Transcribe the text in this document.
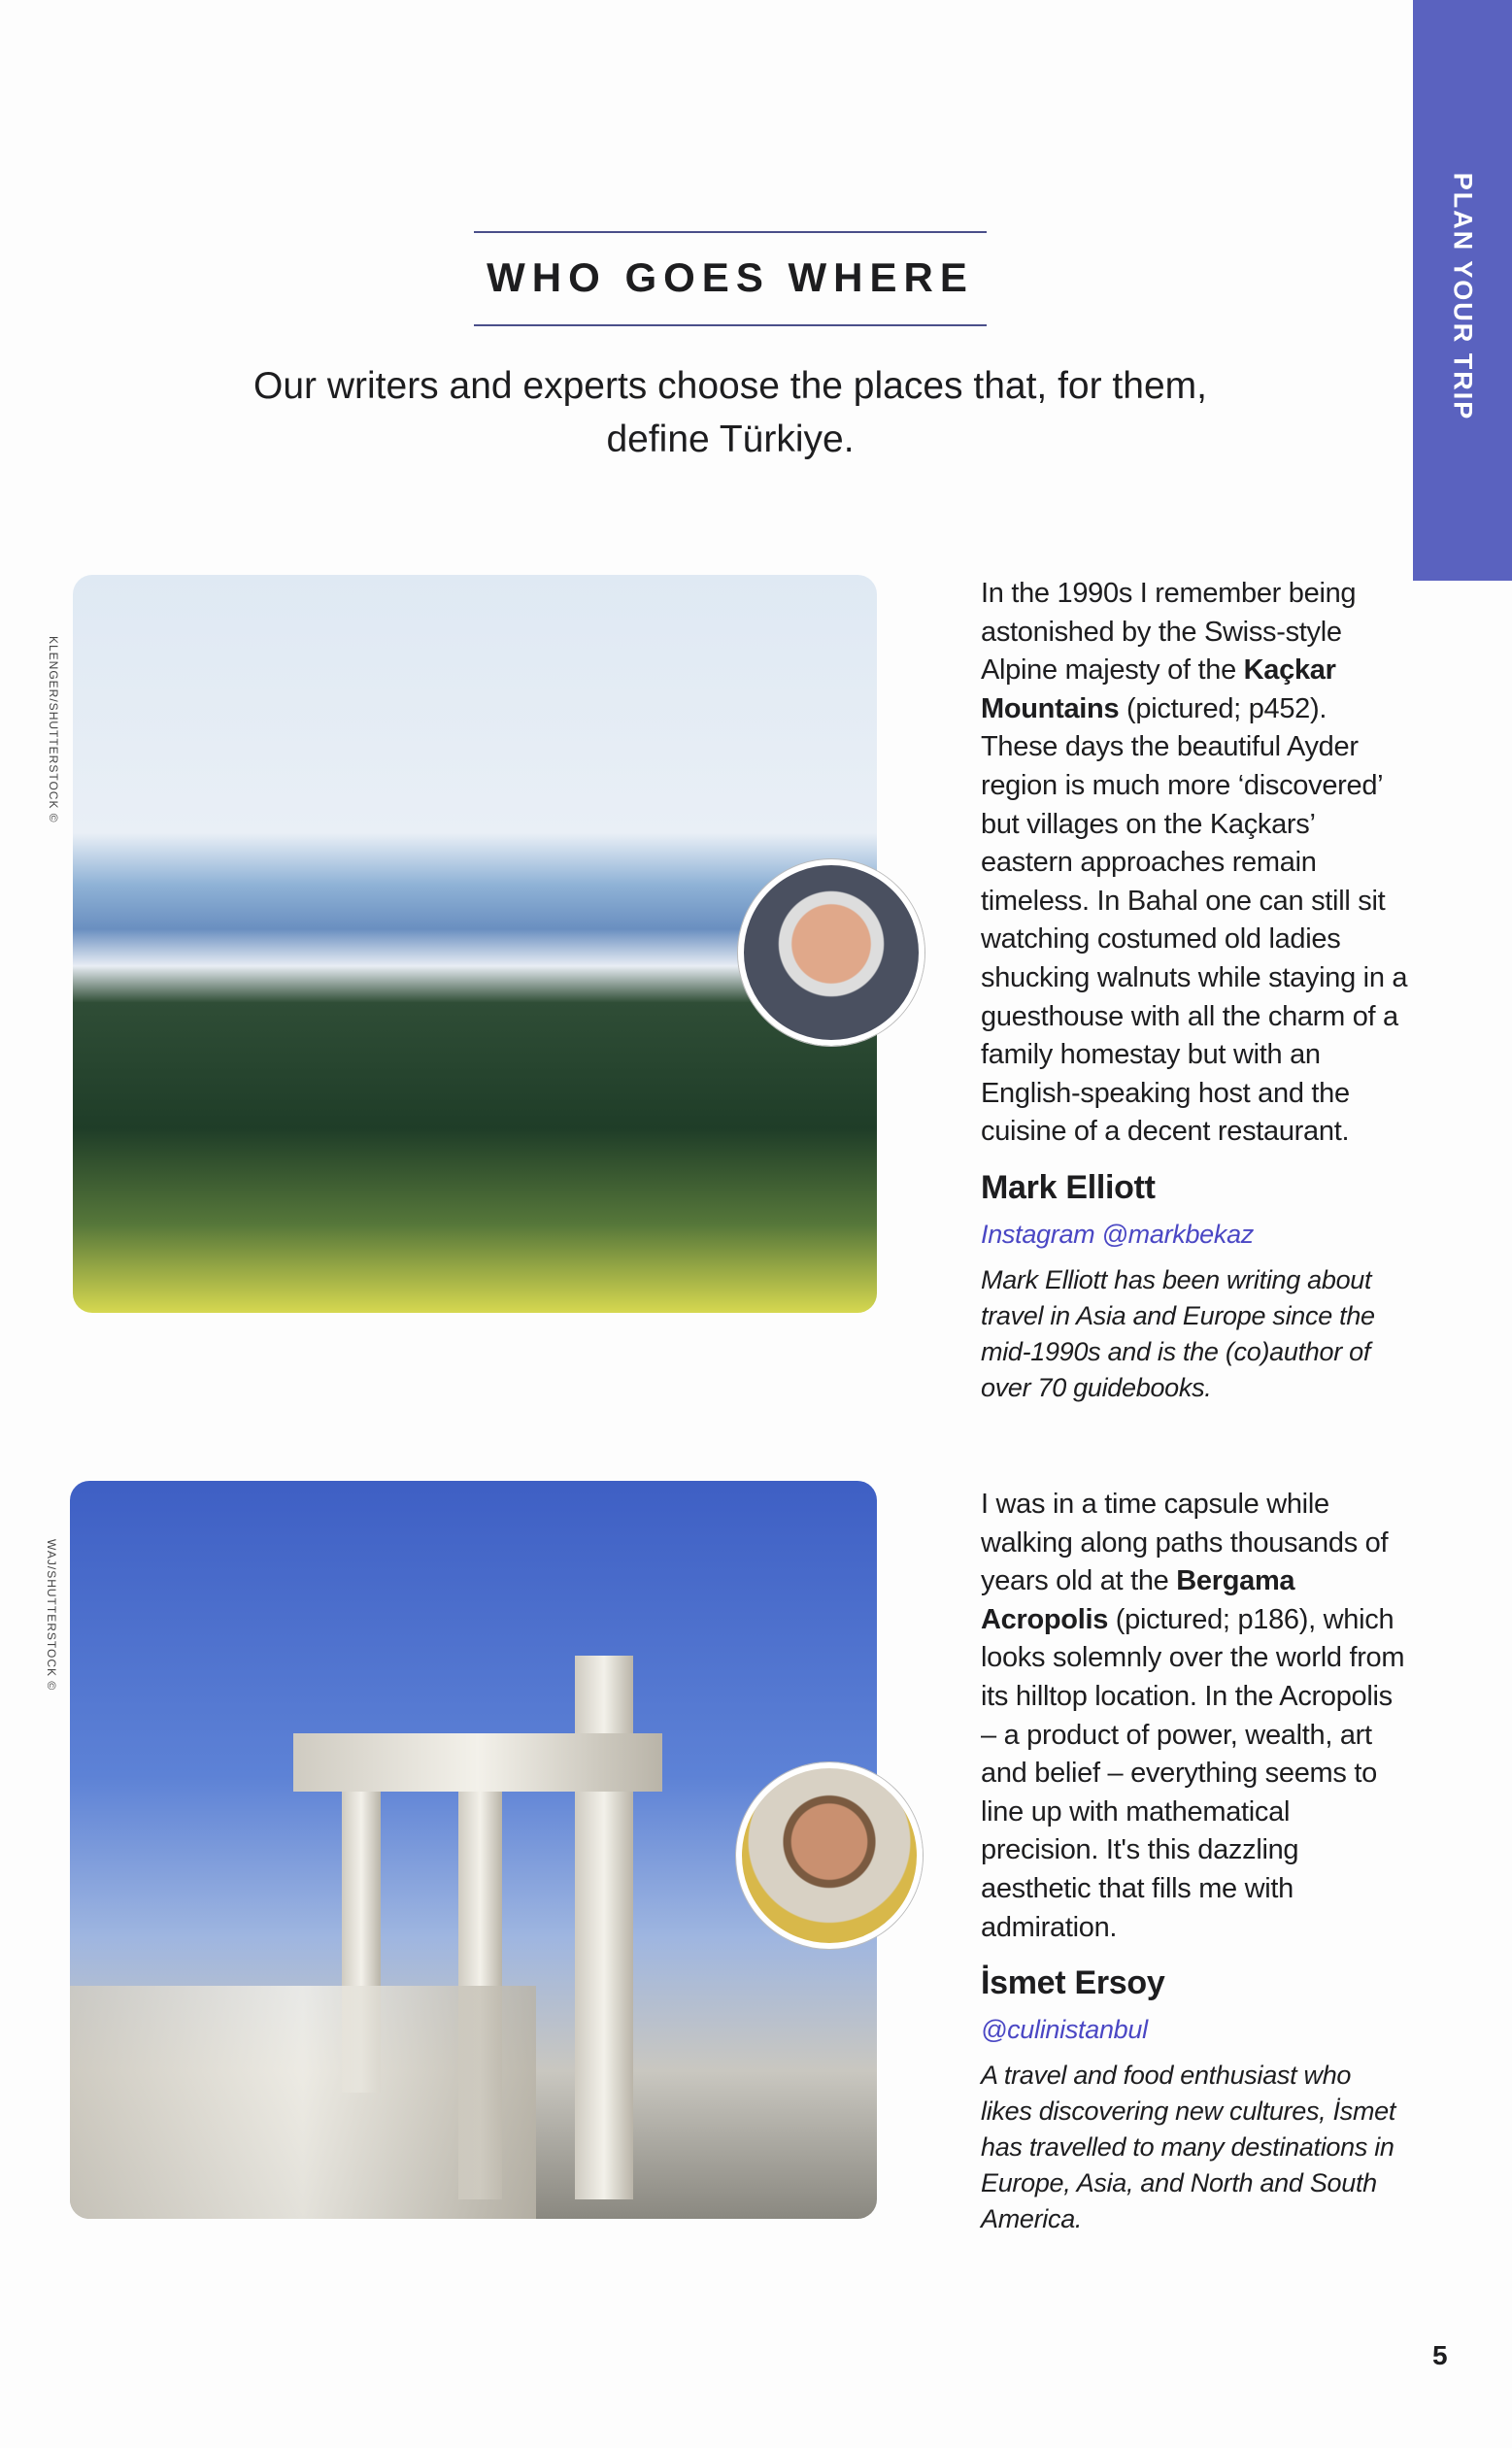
PLAN YOUR TRIP
WHO GOES WHERE
Our writers and experts choose the places that, for them,
define Türkiye.
KLENGER/SHUTTERSTOCK ©
WAJ/SHUTTERSTOCK ©
In the 1990s I remember being astonished by the Swiss-style Alpine majesty of the Kaçkar Mountains (pictured; p452). These days the beautiful Ayder region is much more ‘discovered’ but villages on the Kaçkars’ eastern approaches remain timeless. In Bahal one can still sit watching costumed old ladies shucking walnuts while staying in a guesthouse with all the charm of a family homestay but with an English-speaking host and the cuisine of a decent restaurant.
Mark Elliott
Instagram @markbekaz
Mark Elliott has been writing about travel in Asia and Europe since the mid-1990s and is the (co)author of over 70 guidebooks.
I was in a time capsule while walking along paths thousands of years old at the Bergama Acropolis (pictured; p186), which looks solemnly over the world from its hilltop location. In the Acropolis – a product of power, wealth, art and belief – everything seems to line up with mathematical precision. It's this dazzling aesthetic that fills me with admiration.
İsmet Ersoy
@culinistanbul
A travel and food enthusiast who likes discovering new cultures, İsmet has travelled to many destinations in Europe, Asia, and North and South America.
5
